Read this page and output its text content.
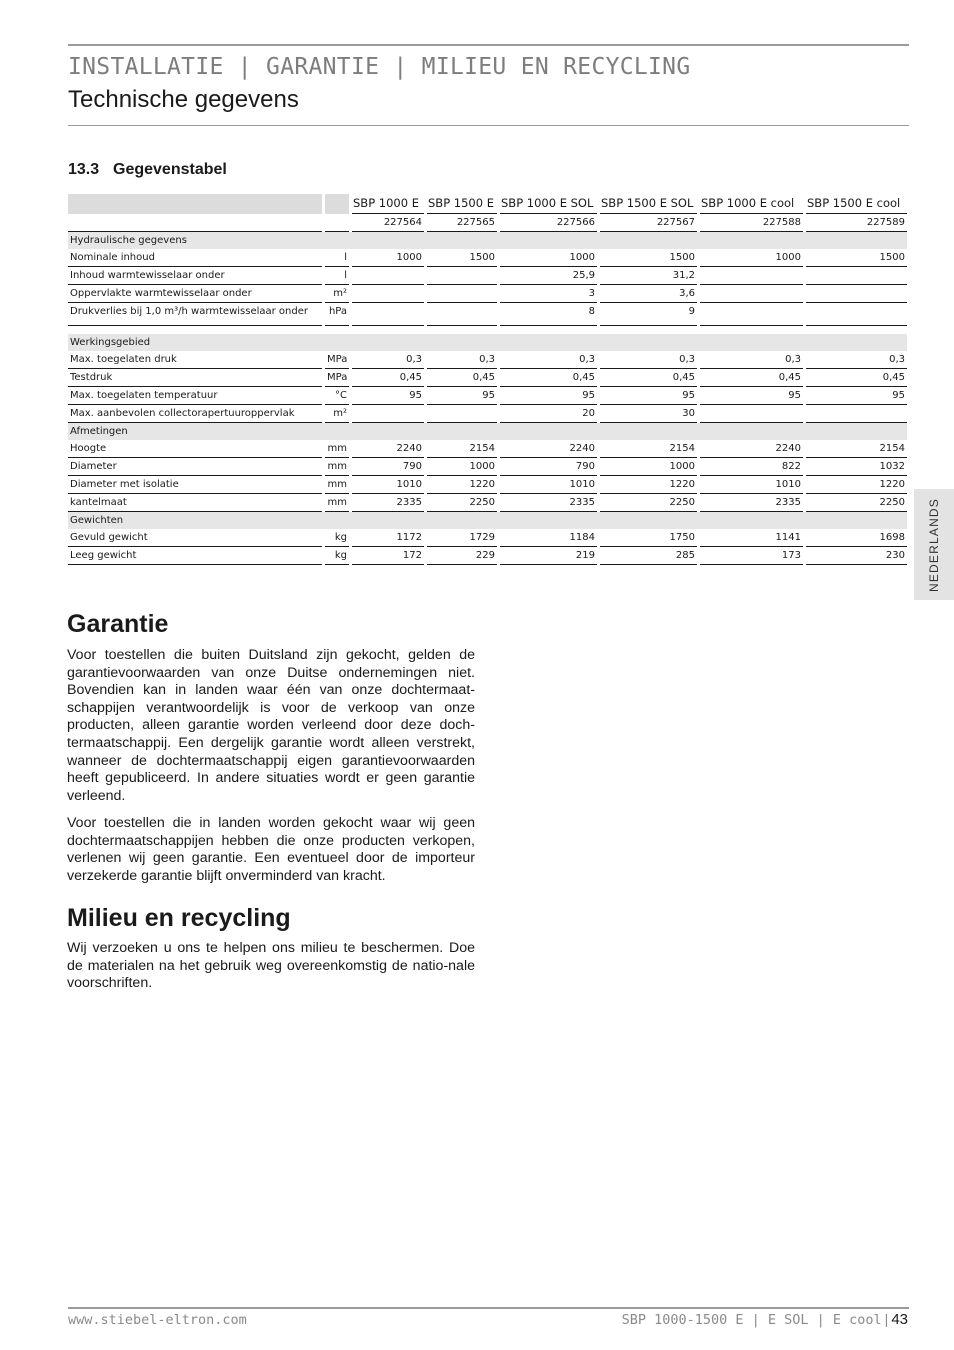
INSTALLATIE | GARANTIE | MILIEU EN RECYCLING
Technische gegevens
13.3 Gegevenstabel
NEDERLANDS
		SBP 1000 E	SBP 1500 E	SBP 1000 E SOL	SBP 1500 E SOL	SBP 1000 E cool	SBP 1500 E cool
		227564	227565	227566	227567	227588	227589
Hydraulische gegevens							
Nominale inhoud	l	1000	1500	1000	1500	1000	1500
Inhoud warmtewisselaar onder	l			25,9	31,2		
Oppervlakte warmtewisselaar onder	m²			3	3,6		
Drukverlies bij 1,0 m³/h warmtewisselaar onder	hPa			8	9		

Werkingsgebied							
Max. toegelaten druk	MPa	0,3	0,3	0,3	0,3	0,3	0,3
Testdruk	MPa	0,45	0,45	0,45	0,45	0,45	0,45
Max. toegelaten temperatuur	°C	95	95	95	95	95	95
Max. aanbevolen collectorapertuuroppervlak	m²			20	30		
Afmetingen							
Hoogte	mm	2240	2154	2240	2154	2240	2154
Diameter	mm	790	1000	790	1000	822	1032
Diameter met isolatie	mm	1010	1220	1010	1220	1010	1220
kantelmaat	mm	2335	2250	2335	2250	2335	2250
Gewichten							
Gevuld gewicht	kg	1172	1729	1184	1750	1141	1698
Leeg gewicht	kg	172	229	219	285	173	230
Garantie

Voor toestellen die buiten Duitsland zijn gekocht, gelden de garantievoorwaarden van onze Duitse ondernemingen niet. Bovendien kan in landen waar één van onze dochtermaat-schappijen verantwoordelijk is voor de verkoop van onze producten, alleen garantie worden verleend door deze doch-termaatschappij. Een dergelijk garantie wordt alleen verstrekt, wanneer de dochtermaatschappij eigen garantievoorwaarden heeft gepubliceerd. In andere situaties wordt er geen garantie verleend.

Voor toestellen die in landen worden gekocht waar wij geen dochtermaatschappijen hebben die onze producten verkopen, verlenen wij geen garantie. Een eventueel door de importeur verzekerde garantie blijft onverminderd van kracht.

Milieu en recycling

Wij verzoeken u ons te helpen ons milieu te beschermen. Doe de materialen na het gebruik weg overeenkomstig de natio-nale voorschriften.

www.stiebel-eltron.com	SBP 1000-1500 E | E SOL | E cool | 43
